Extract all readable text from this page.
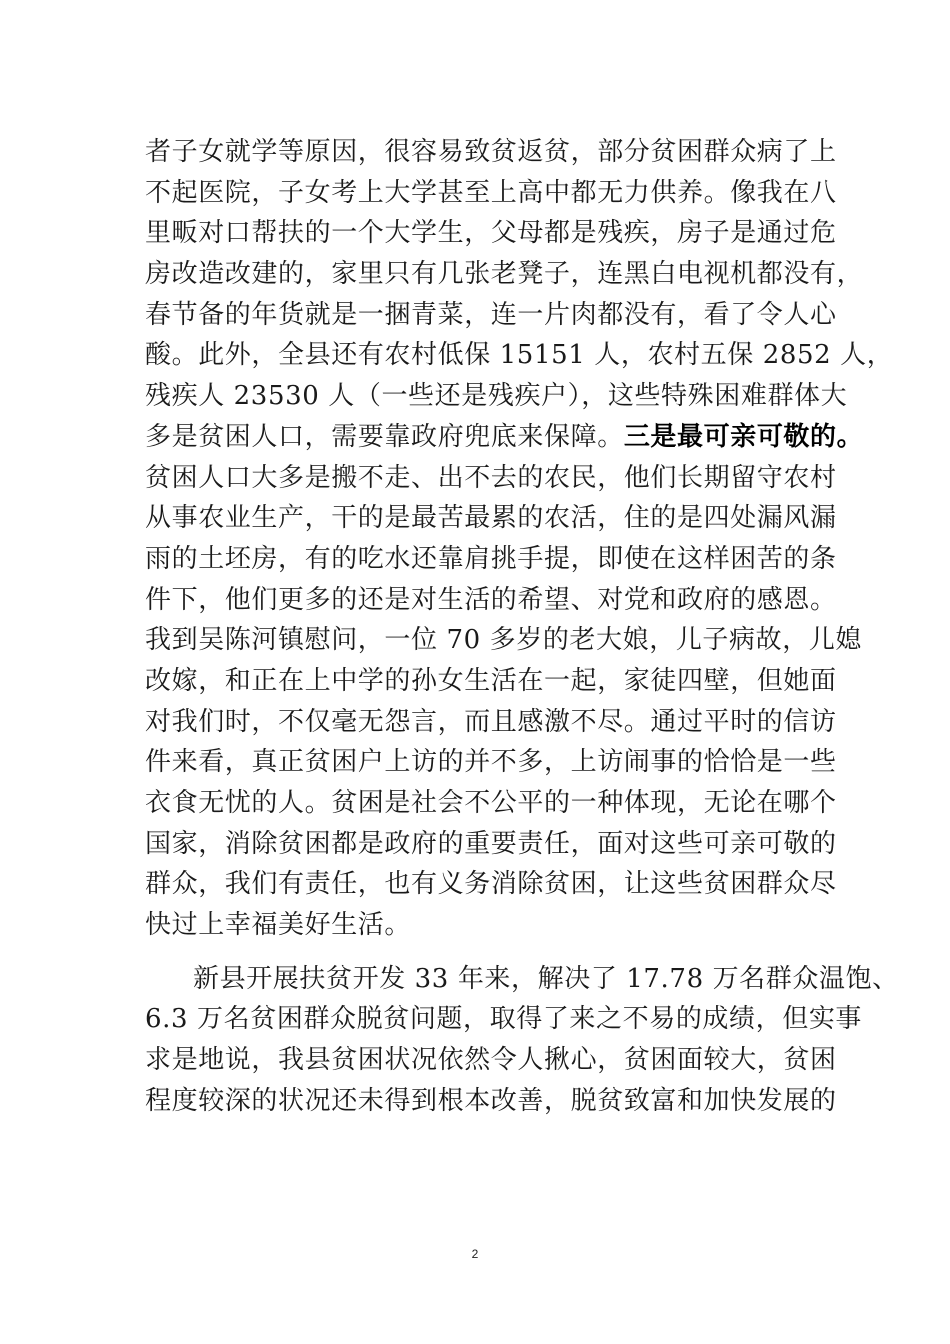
者子女就学等原因，很容易致贫返贫，部分贫困群众病了上
不起医院，子女考上大学甚至上高中都无力供养。像我在八
里畈对口帮扶的一个大学生，父母都是残疾，房子是通过危
房改造改建的，家里只有几张老凳子，连黑白电视机都没有，
春节备的年货就是一捆青菜，连一片肉都没有，看了令人心
酸。此外，全县还有农村低保 15151 人，农村五保 2852 人，
残疾人 23530 人（一些还是残疾户），这些特殊困难群体大
多是贫困人口，需要靠政府兜底来保障。三是最可亲可敬的。
贫困人口大多是搬不走、出不去的农民，他们长期留守农村
从事农业生产，干的是最苦最累的农活，住的是四处漏风漏
雨的土坯房，有的吃水还靠肩挑手提，即使在这样困苦的条
件下，他们更多的还是对生活的希望、对党和政府的感恩。
我到吴陈河镇慰问，一位 70 多岁的老大娘，儿子病故，儿媳
改嫁，和正在上中学的孙女生活在一起，家徒四壁，但她面
对我们时，不仅毫无怨言，而且感激不尽。通过平时的信访
件来看，真正贫困户上访的并不多，上访闹事的恰恰是一些
衣食无忧的人。贫困是社会不公平的一种体现，无论在哪个
国家，消除贫困都是政府的重要责任，面对这些可亲可敬的
群众，我们有责任，也有义务消除贫困，让这些贫困群众尽
快过上幸福美好生活。
新县开展扶贫开发 33 年来，解决了 17.78 万名群众温饱、
6.3 万名贫困群众脱贫问题，取得了来之不易的成绩，但实事
求是地说，我县贫困状况依然令人揪心，贫困面较大，贫困
程度较深的状况还未得到根本改善，脱贫致富和加快发展的
2
